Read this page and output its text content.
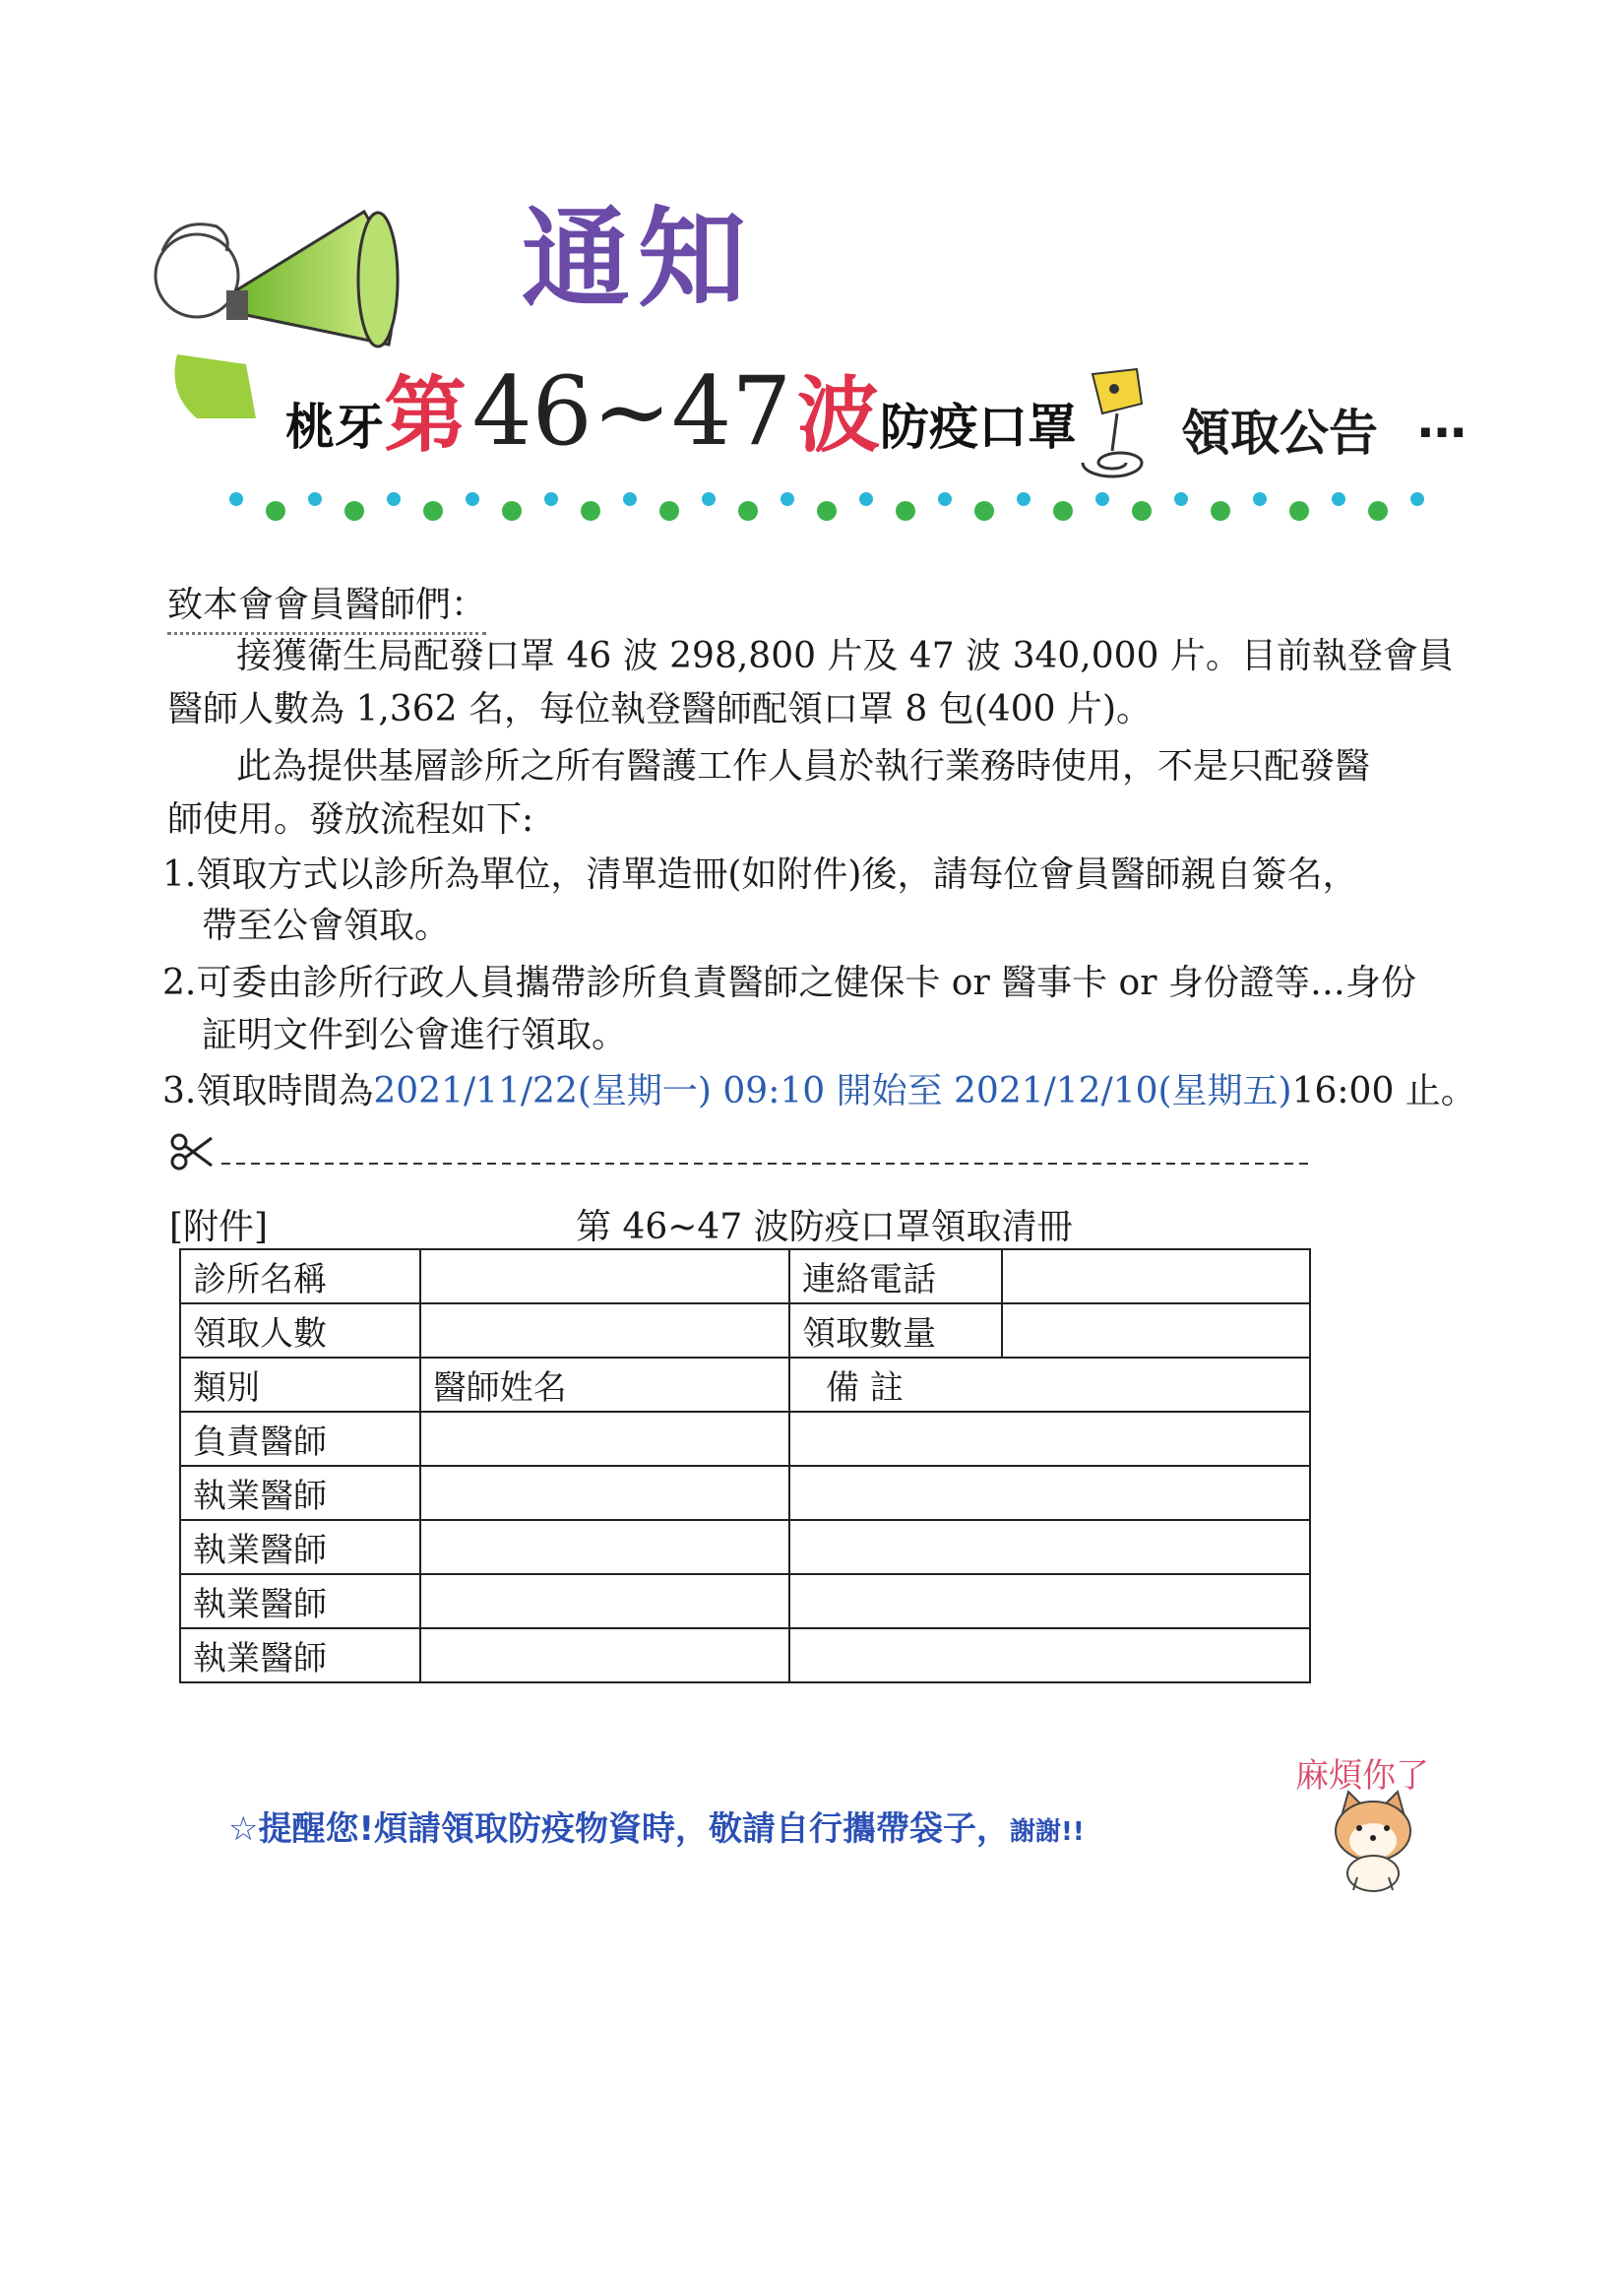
通知
桃牙第 46~47 波防疫口罩 領取公告 …
致本會會員醫師們：
接獲衛生局配發口罩 46 波 298,800 片及 47 波 340,000 片。目前執登會員
醫師人數為 1,362 名，每位執登醫師配領口罩 8 包(400 片)。
此為提供基層診所之所有醫護工作人員於執行業務時使用，不是只配發醫
師使用。發放流程如下:
1.領取方式以診所為單位，清單造冊(如附件)後，請每位會員醫師親自簽名，
帶至公會領取。
2.可委由診所行政人員攜帶診所負責醫師之健保卡 or 醫事卡 or 身份證等…身份
証明文件到公會進行領取。
3.領取時間為2021/11/22(星期一) 09:10 開始至 2021/12/10(星期五)16:00 止。
[附件]	第 46~47 波防疫口罩領取清冊
診所名稱		連絡電話	
領取人數		領取數量	
類別	醫師姓名	備 註	
負責醫師			
執業醫師			
執業醫師			
執業醫師			
執業醫師			
☆提醒您!煩請領取防疫物資時，敬請自行攜帶袋子，謝謝!!
麻煩你了
